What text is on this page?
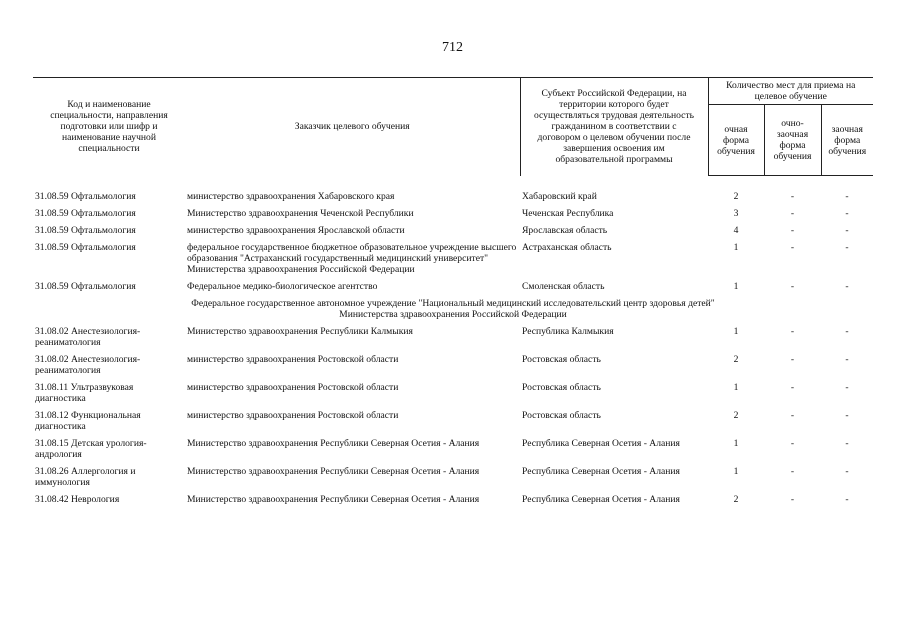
712
Код и наименование специальности, направления подготовки или шифр и наименование научной специальности	Заказчик целевого обучения	Субъект Российской Федерации, на территории которого будет осуществляться трудовая деятельность гражданином в соответствии с договором о целевом обучении после завершения освоения им образовательной программы	Количество мест для приема на целевое обучение		
			очная форма обучения	очно-заочная форма обучения	заочная форма обучения

31.08.59 Офтальмология	министерство здравоохранения Хабаровского края	Хабаровский край	2	-	-
31.08.59 Офтальмология	Министерство здравоохранения Чеченской Республики	Чеченская Республика	3	-	-
31.08.59 Офтальмология	министерство здравоохранения Ярославской области	Ярославская область	4	-	-
31.08.59 Офтальмология	федеральное государственное бюджетное образовательное учреждение высшего образования "Астраханский государственный медицинский университет" Министерства здравоохранения Российской Федерации	Астраханская область	1	-	-
31.08.59 Офтальмология	Федеральное медико-биологическое агентство	Смоленская область	1	-	-

Федеральное государственное автономное учреждение "Национальный медицинский исследовательский центр здоровья детей"
Министерства здравоохранения Российской Федерации					

31.08.02 Анестезиология-реаниматология	Министерство здравоохранения Республики Калмыкия	Республика Калмыкия	1	-	-
31.08.02 Анестезиология-реаниматология	министерство здравоохранения Ростовской области	Ростовская область	2	-	-
31.08.11 Ультразвуковая диагностика	министерство здравоохранения Ростовской области	Ростовская область	1	-	-
31.08.12 Функциональная диагностика	министерство здравоохранения Ростовской области	Ростовская область	2	-	-
31.08.15 Детская урология-андрология	Министерство здравоохранения Республики Северная Осетия - Алания	Республика Северная Осетия - Алания	1	-	-
31.08.26 Аллергология и иммунология	Министерство здравоохранения Республики Северная Осетия - Алания	Республика Северная Осетия - Алания	1	-	-
31.08.42 Неврология	Министерство здравоохранения Республики Северная Осетия - Алания	Республика Северная Осетия - Алания	2	-	-
